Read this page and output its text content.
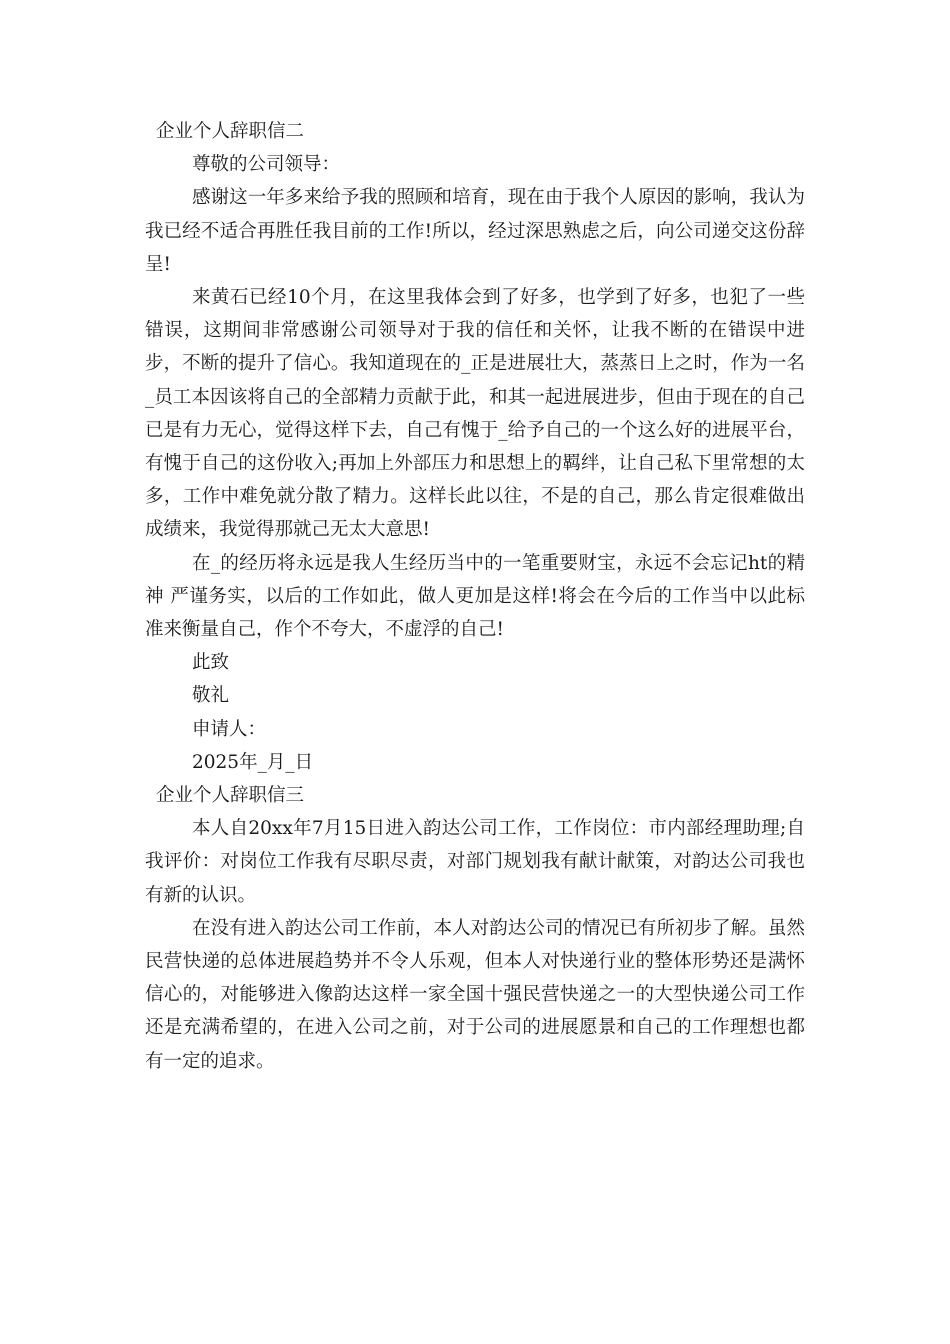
企业个人辞职信二

尊敬的公司领导：

感谢这一年多来给予我的照顾和培育，现在由于我个人原因的影响，我认为我已经不适合再胜任我目前的工作!所以，经过深思熟虑之后，向公司递交这份辞呈!

来黄石已经10个月，在这里我体会到了好多，也学到了好多，也犯了一些错误，这期间非常感谢公司领导对于我的信任和关怀，让我不断的在错误中进步，不断的提升了信心。我知道现在的_正是进展壮大，蒸蒸日上之时，作为一名_员工本因该将自己的全部精力贡献于此，和其一起进展进步，但由于现在的自己已是有力无心，觉得这样下去，自己有愧于_给予自己的一个这么好的进展平台，有愧于自己的这份收入;再加上外部压力和思想上的羁绊，让自己私下里常想的太多，工作中难免就分散了精力。这样长此以往，不是的自己，那么肯定很难做出成绩来，我觉得那就己无太大意思!

在_的经历将永远是我人生经历当中的一笔重要财宝，永远不会忘记ht的精神 严谨务实，以后的工作如此，做人更加是这样!将会在今后的工作当中以此标准来衡量自己，作个不夸大，不虚浮的自己!

此致

敬礼

申请人：

2025年_月_日

企业个人辞职信三

本人自20xx年7月15日进入韵达公司工作，工作岗位：市内部经理助理;自我评价：对岗位工作我有尽职尽责，对部门规划我有献计献策，对韵达公司我也有新的认识。

在没有进入韵达公司工作前，本人对韵达公司的情况已有所初步了解。虽然民营快递的总体进展趋势并不令人乐观，但本人对快递行业的整体形势还是满怀信心的，对能够进入像韵达这样一家全国十强民营快递之一的大型快递公司工作还是充满希望的，在进入公司之前，对于公司的进展愿景和自己的工作理想也都有一定的追求。
